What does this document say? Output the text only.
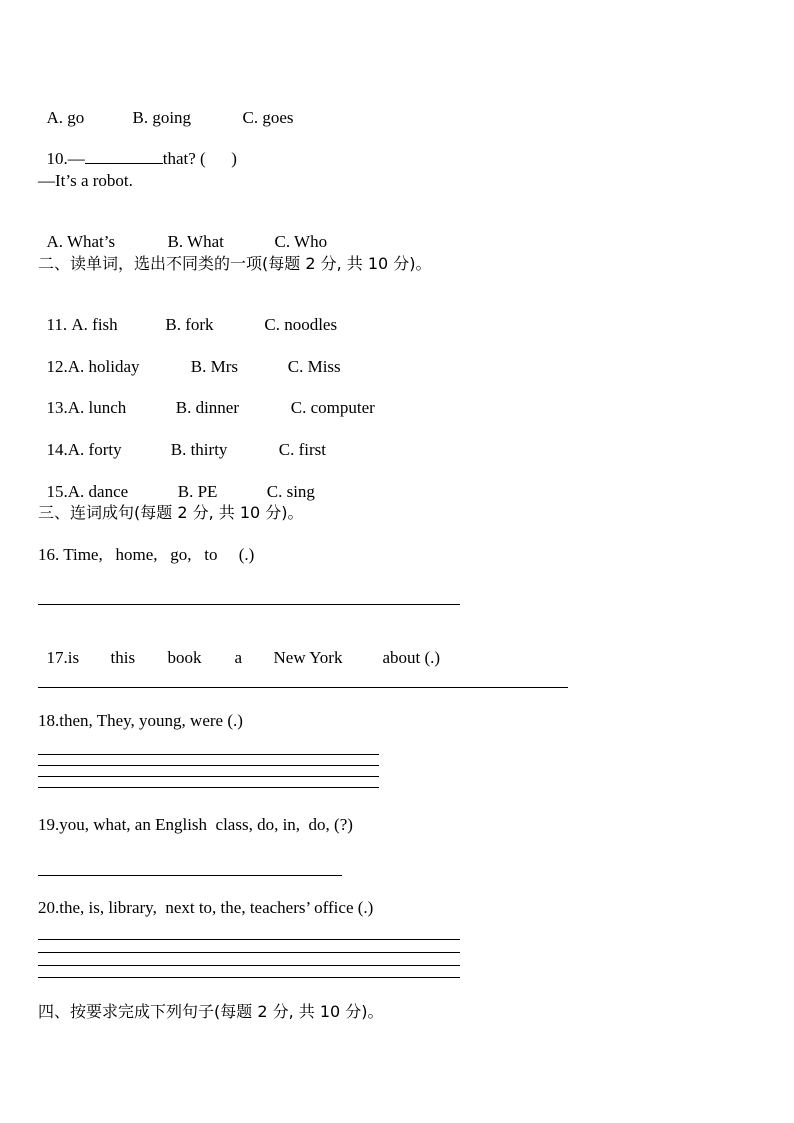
A. go	B. going	C. goes

10.—	that? (      )

—It’s a robot.

A. What’s	B. What	C. Who

二、读单词，选出不同类的一项(每题 2 分, 共 10 分)。

11. A. fish	B. fork	C. noodles

12.A. holiday	B. Mrs	C. Miss

13.A. lunch	B. dinner	C. computer

14.A. forty	B. thirty	C. first

15.A. dance	B. PE	C. sing

三、连词成句(每题 2 分, 共 10 分)。
16. Time,   home,   go,   to     (.)

17.is this book a New York about (.)

18.then, They, young, were (.)
19.you, what, an English  class, do, in,  do, (?)
20.the, is, library,  next to, the, teachers’ office (.)
四、按要求完成下列句子(每题 2 分, 共 10 分)。
